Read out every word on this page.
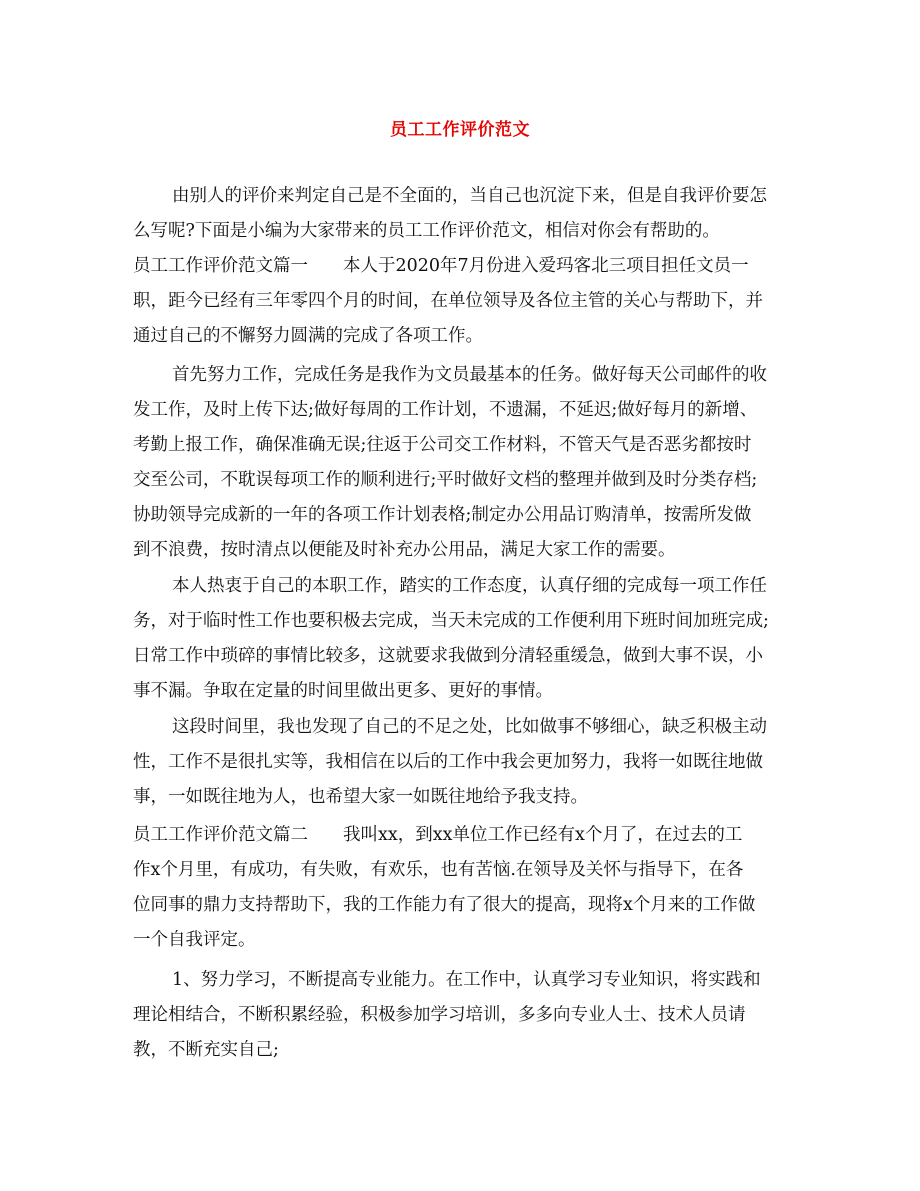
员工工作评价范文
由别人的评价来判定自己是不全面的，当自己也沉淀下来，但是自我评价要怎
么写呢?下面是小编为大家带来的员工工作评价范文，相信对你会有帮助的。
员工工作评价范文篇一　　本人于2020年7月份进入爱玛客北三项目担任文员一
职，距今已经有三年零四个月的时间，在单位领导及各位主管的关心与帮助下，并
通过自己的不懈努力圆满的完成了各项工作。
首先努力工作，完成任务是我作为文员最基本的任务。做好每天公司邮件的收
发工作，及时上传下达;做好每周的工作计划，不遗漏，不延迟;做好每月的新增、
考勤上报工作，确保准确无误;往返于公司交工作材料，不管天气是否恶劣都按时
交至公司，不耽误每项工作的顺利进行;平时做好文档的整理并做到及时分类存档;
协助领导完成新的一年的各项工作计划表格;制定办公用品订购清单，按需所发做
到不浪费，按时清点以便能及时补充办公用品，满足大家工作的需要。
本人热衷于自己的本职工作，踏实的工作态度，认真仔细的完成每一项工作任
务，对于临时性工作也要积极去完成，当天未完成的工作便利用下班时间加班完成;
日常工作中琐碎的事情比较多，这就要求我做到分清轻重缓急，做到大事不误，小
事不漏。争取在定量的时间里做出更多、更好的事情。
这段时间里，我也发现了自己的不足之处，比如做事不够细心，缺乏积极主动
性，工作不是很扎实等，我相信在以后的工作中我会更加努力，我将一如既往地做
事，一如既往地为人，也希望大家一如既往地给予我支持。
员工工作评价范文篇二　　我叫xx，到xx单位工作已经有x个月了，在过去的工
作x个月里，有成功，有失败，有欢乐，也有苦恼.在领导及关怀与指导下，在各
位同事的鼎力支持帮助下，我的工作能力有了很大的提高，现将x个月来的工作做
一个自我评定。
1、努力学习，不断提高专业能力。在工作中，认真学习专业知识，将实践和
理论相结合，不断积累经验，积极参加学习培训，多多向专业人士、技术人员请
教，不断充实自己;
